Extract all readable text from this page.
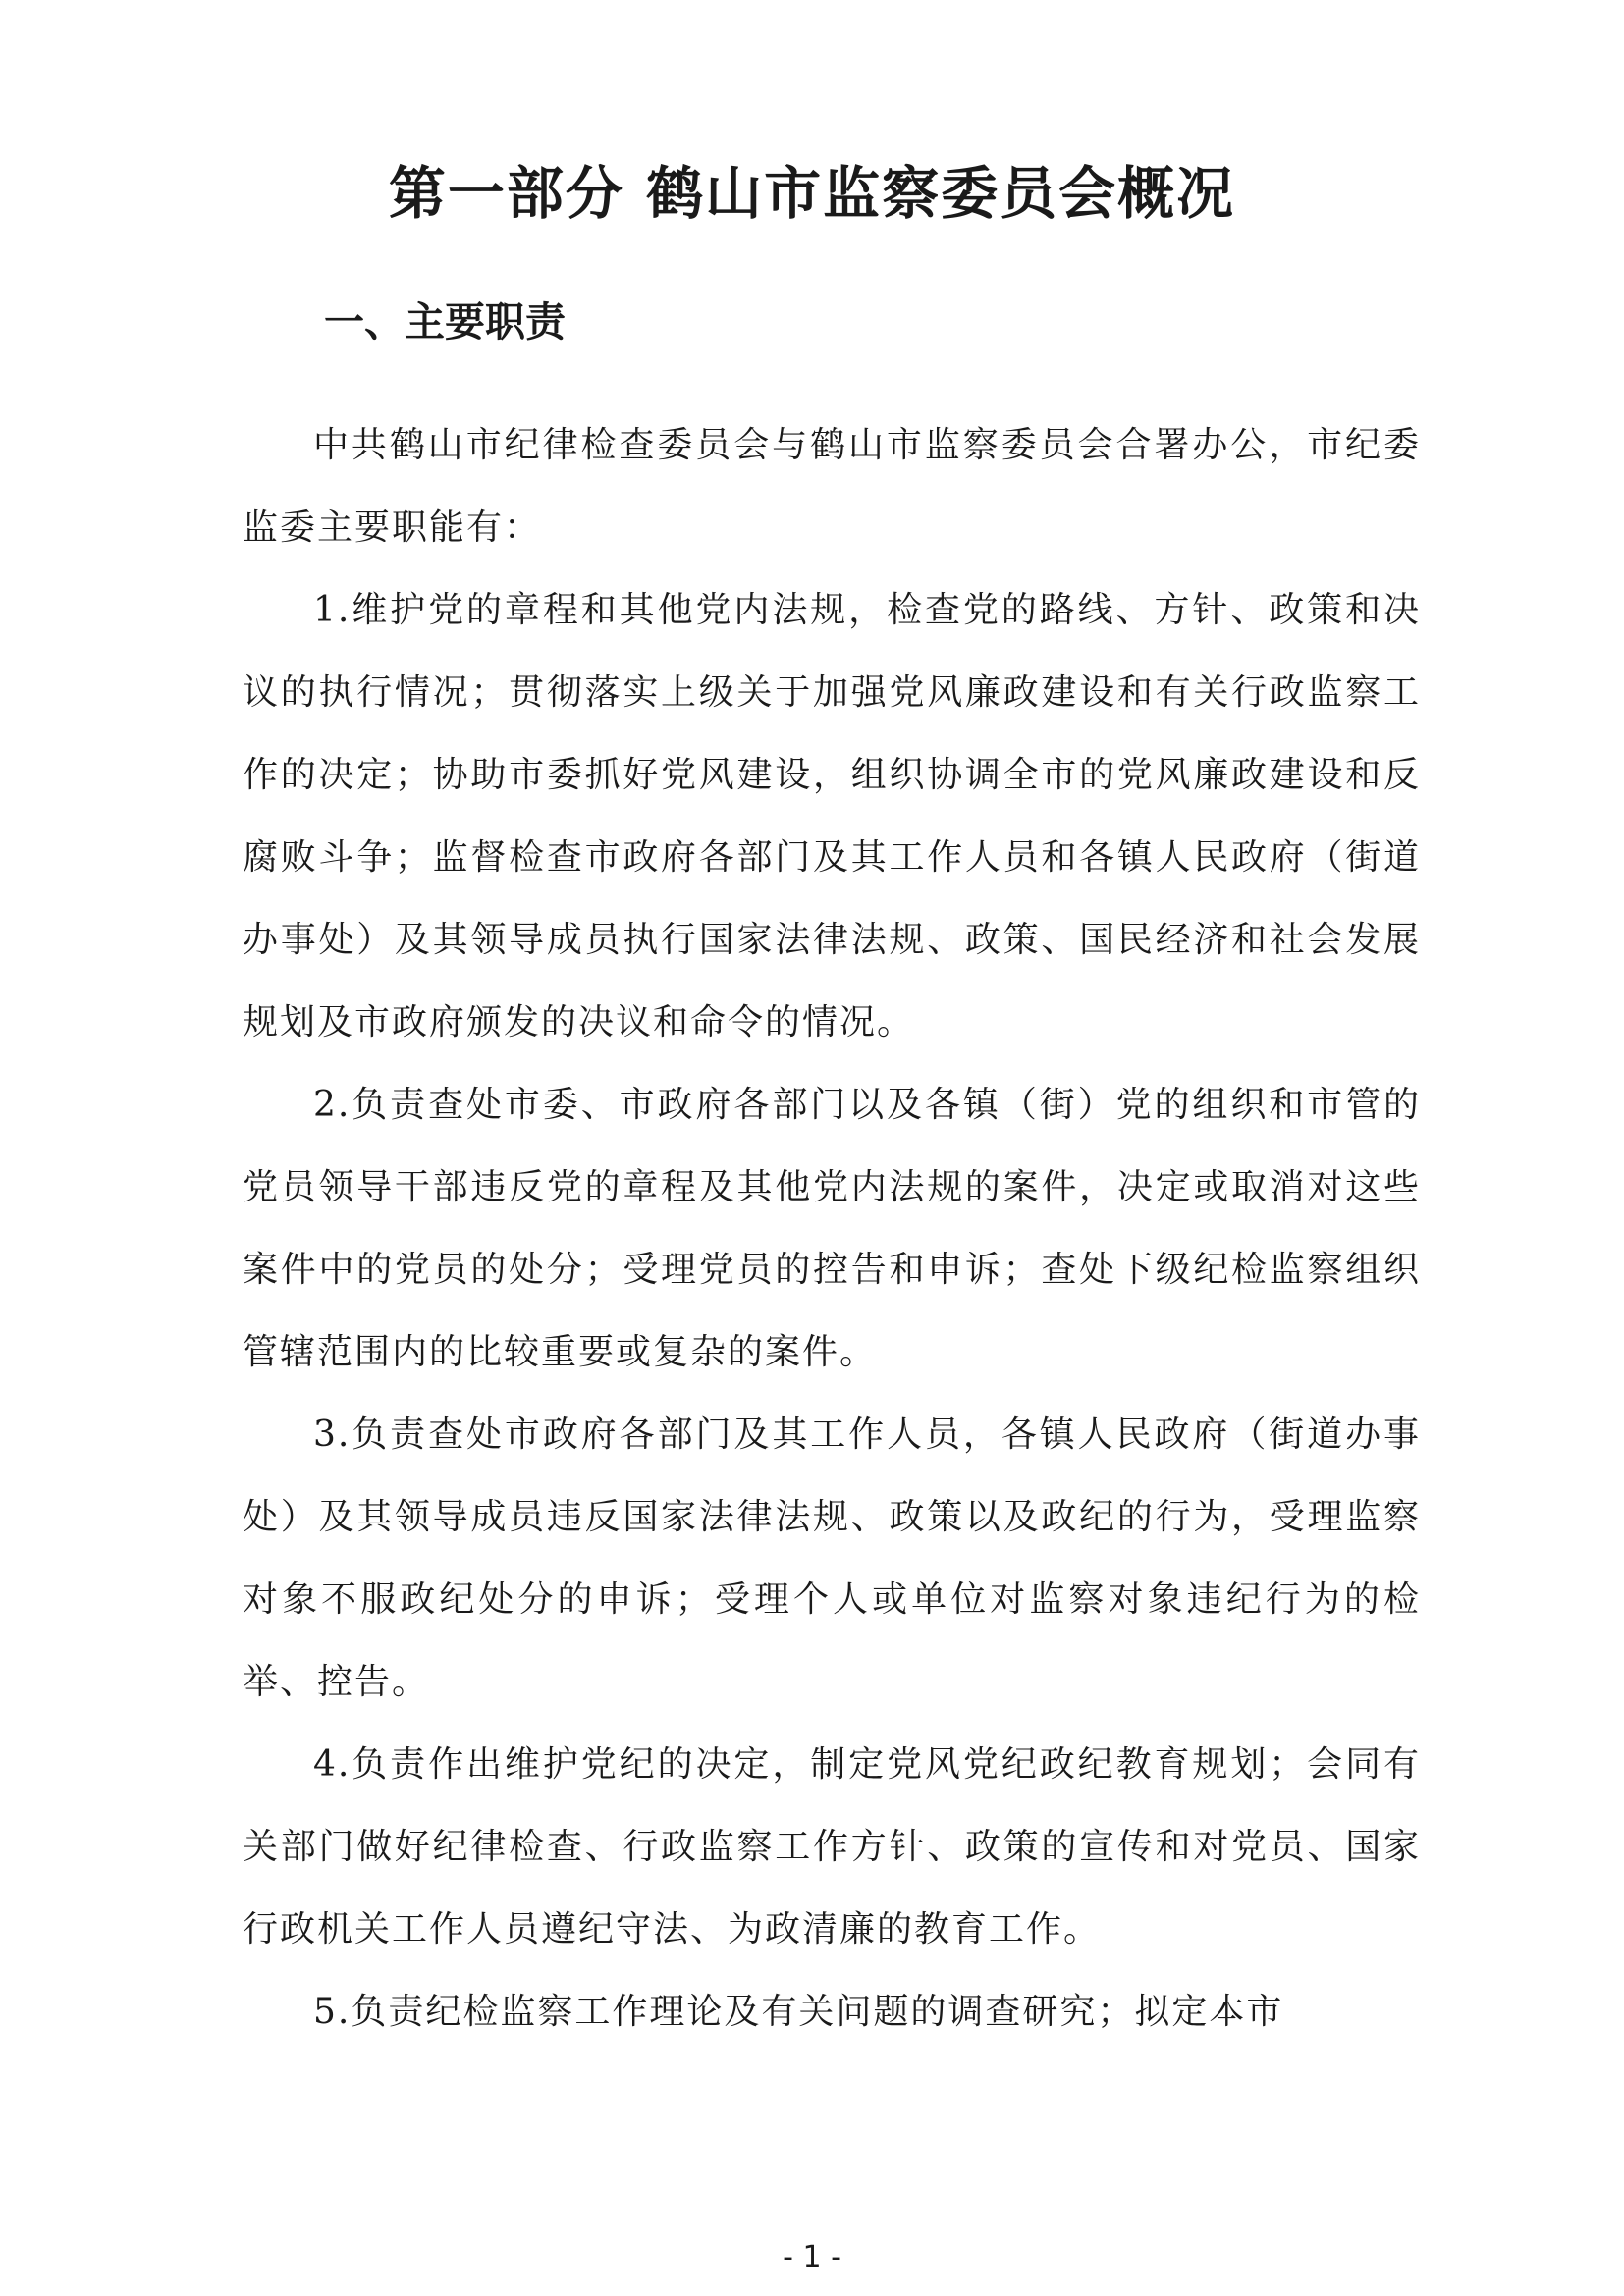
第一部分 鹤山市监察委员会概况
一、主要职责

中共鹤山市纪律检查委员会与鹤山市监察委员会合署办公，市纪委监委主要职能有：

1.维护党的章程和其他党内法规，检查党的路线、方针、政策和决议的执行情况；贯彻落实上级关于加强党风廉政建设和有关行政监察工作的决定；协助市委抓好党风建设，组织协调全市的党风廉政建设和反腐败斗争；监督检查市政府各部门及其工作人员和各镇人民政府（街道办事处）及其领导成员执行国家法律法规、政策、国民经济和社会发展规划及市政府颁发的决议和命令的情况。

2.负责查处市委、市政府各部门以及各镇（街）党的组织和市管的党员领导干部违反党的章程及其他党内法规的案件，决定或取消对这些案件中的党员的处分；受理党员的控告和申诉；查处下级纪检监察组织管辖范围内的比较重要或复杂的案件。

3.负责查处市政府各部门及其工作人员，各镇人民政府（街道办事处）及其领导成员违反国家法律法规、政策以及政纪的行为，受理监察对象不服政纪处分的申诉；受理个人或单位对监察对象违纪行为的检举、控告。

4.负责作出维护党纪的决定，制定党风党纪政纪教育规划；会同有关部门做好纪律检查、行政监察工作方针、政策的宣传和对党员、国家行政机关工作人员遵纪守法、为政清廉的教育工作。

5.负责纪检监察工作理论及有关问题的调查研究；拟定本市

- 1 -
